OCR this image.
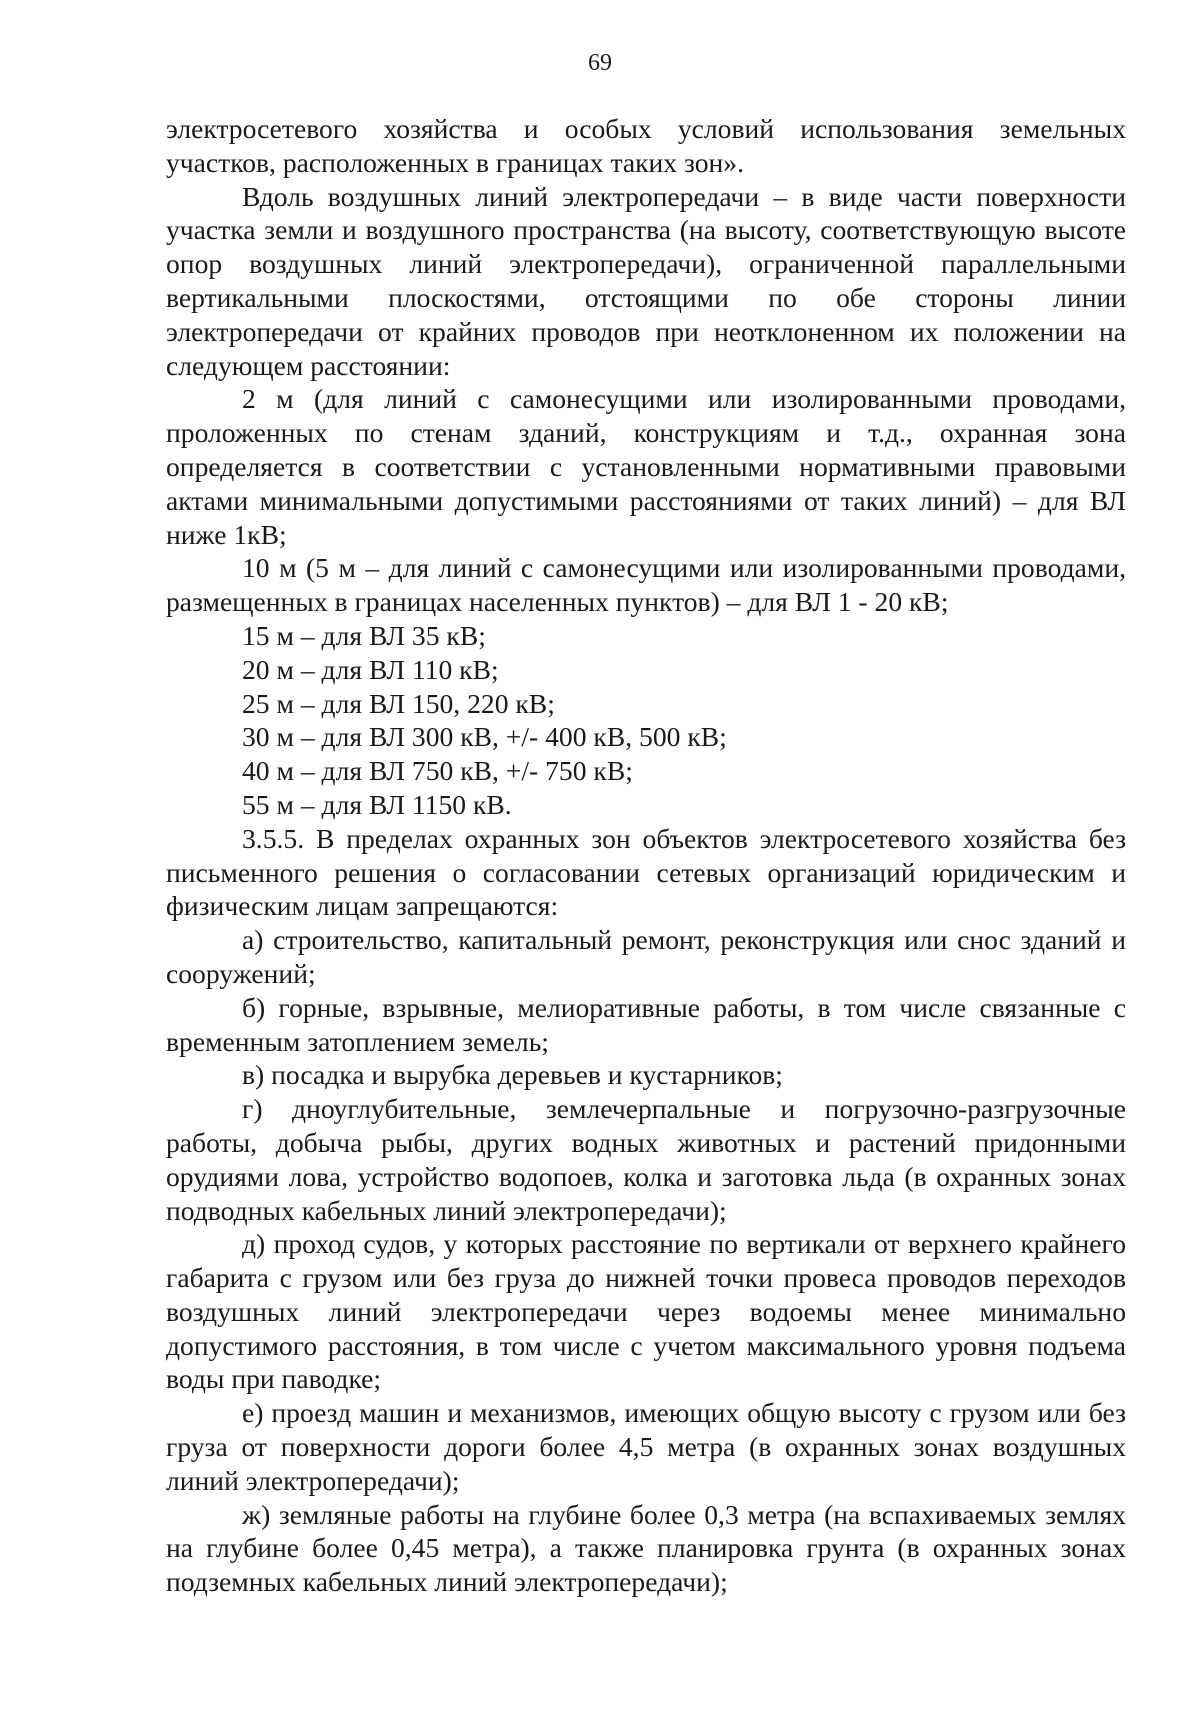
69

электросетевого хозяйства и особых условий использования земельных участков, расположенных в границах таких зон».

Вдоль воздушных линий электропередачи – в виде части поверхности участка земли и воздушного пространства (на высоту, соответствующую высоте опор воздушных линий электропередачи), ограниченной параллельными вертикальными плоскостями, отстоящими по обе стороны линии электропередачи от крайних проводов при неотклоненном их положении на следующем расстоянии:

2 м (для линий с самонесущими или изолированными проводами, проложенных по стенам зданий, конструкциям и т.д., охранная зона определяется в соответствии с установленными нормативными правовыми актами минимальными допустимыми расстояниями от таких линий) – для ВЛ ниже 1кВ;

10 м (5 м – для линий с самонесущими или изолированными проводами, размещенных в границах населенных пунктов) – для ВЛ 1 - 20 кВ;

15 м – для ВЛ 35 кВ;

20 м – для ВЛ 110 кВ;

25 м – для ВЛ 150, 220 кВ;

30 м – для ВЛ 300 кВ, +/- 400 кВ, 500 кВ;

40 м – для ВЛ 750 кВ, +/- 750 кВ;

55 м – для ВЛ 1150 кВ.

3.5.5. В пределах охранных зон объектов электросетевого хозяйства без письменного решения о согласовании сетевых организаций юридическим и физическим лицам запрещаются:

а) строительство, капитальный ремонт, реконструкция или снос зданий и сооружений;

б) горные, взрывные, мелиоративные работы, в том числе связанные с временным затоплением земель;

в) посадка и вырубка деревьев и кустарников;

г) дноуглубительные, землечерпальные и погрузочно-разгрузочные работы, добыча рыбы, других водных животных и растений придонными орудиями лова, устройство водопоев, колка и заготовка льда (в охранных зонах подводных кабельных линий электропередачи);

д) проход судов, у которых расстояние по вертикали от верхнего крайнего габарита с грузом или без груза до нижней точки провеса проводов переходов воздушных линий электропередачи через водоемы менее минимально допустимого расстояния, в том числе с учетом максимального уровня подъема воды при паводке;

е) проезд машин и механизмов, имеющих общую высоту с грузом или без груза от поверхности дороги более 4,5 метра (в охранных зонах воздушных линий электропередачи);

ж) земляные работы на глубине более 0,3 метра (на вспахиваемых землях на глубине более 0,45 метра), а также планировка грунта (в охранных зонах подземных кабельных линий электропередачи);
